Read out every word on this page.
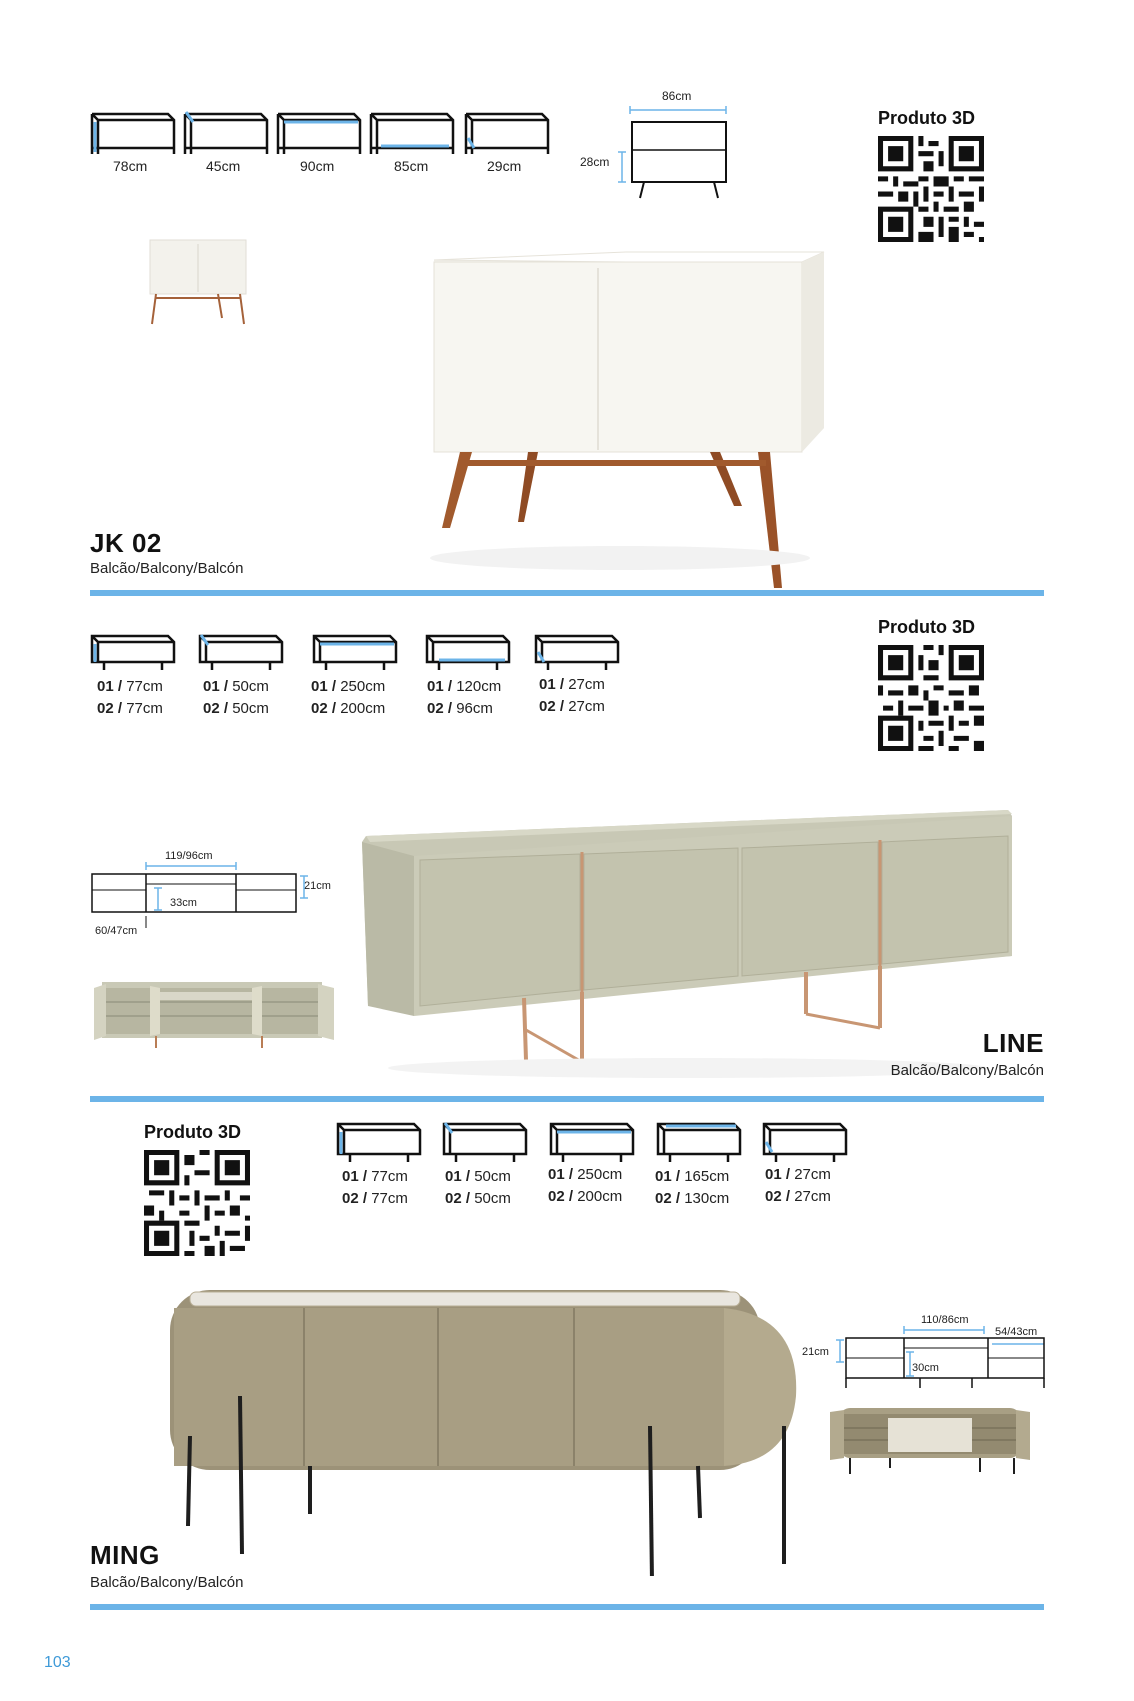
78cm	45cm	90cm	85cm	29cm
86cm
28cm
Produto 3D
JK 02
Balcão/Balcony/Balcón
01 / 77cm
02 / 77cm
01 / 50cm
02 / 50cm
01 / 250cm
02 / 200cm
01 / 120cm
02 / 96cm
01 / 27cm
02 / 27cm
Produto 3D
119/96cm
21cm
33cm
60/47cm
LINE
Balcão/Balcony/Balcón
Produto 3D
01 / 77cm
02 / 77cm
01 / 50cm
02 / 50cm
01 / 250cm
02 / 200cm
01 / 165cm
02 / 130cm
01 / 27cm
02 / 27cm
110/86cm
54/43cm
21cm
30cm
MING
Balcão/Balcony/Balcón
103
